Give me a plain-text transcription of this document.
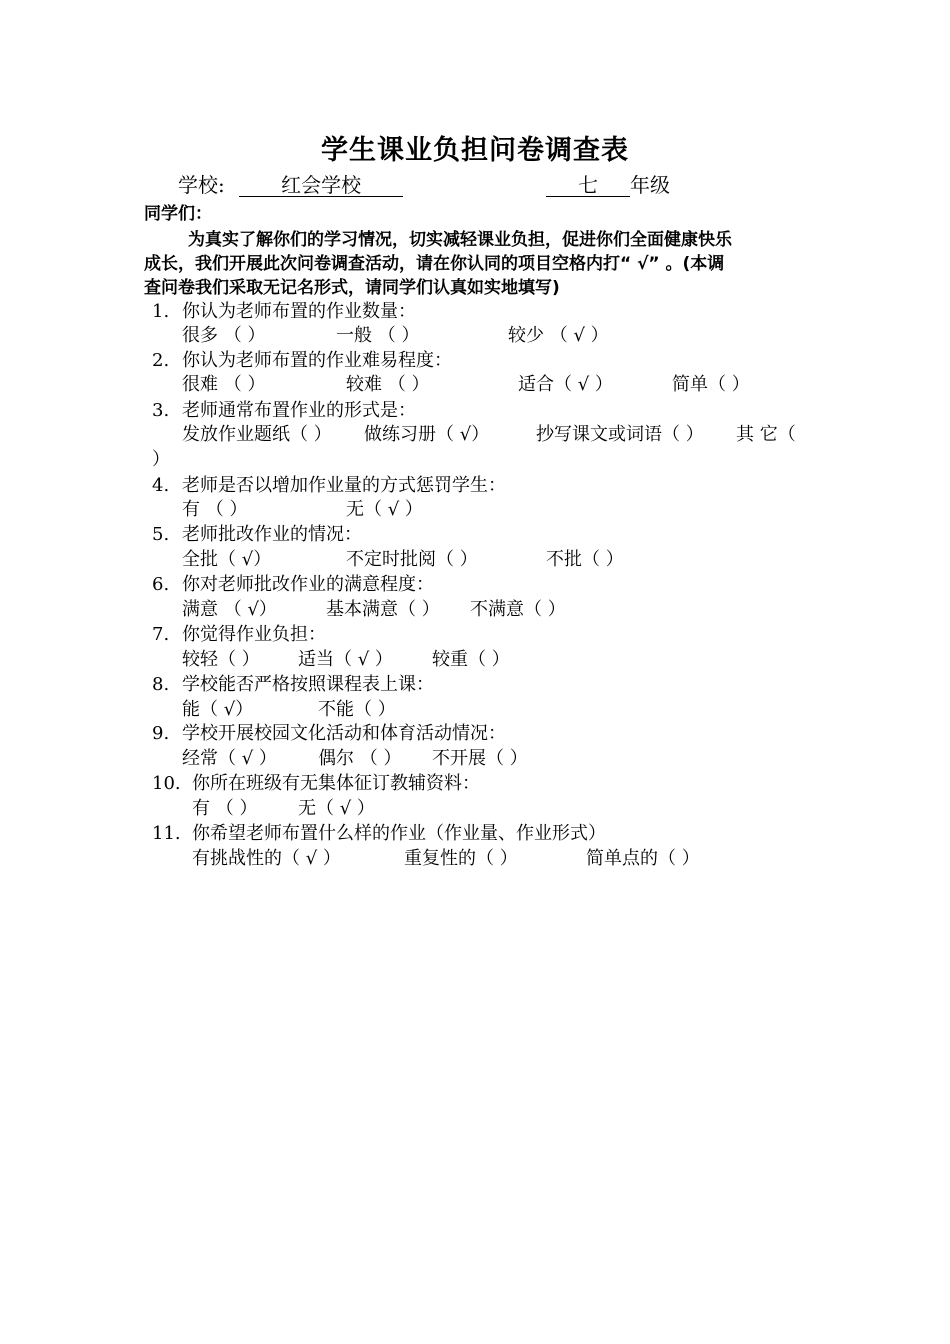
学生课业负担问卷调查表
学校:	红会学校	七 年级
同学们：
为真实了解你们的学习情况，切实减轻课业负担，促进你们全面健康快乐
成长，我们开展此次问卷调查活动，请在你认同的项目空格内打“ √” 。(本调
查问卷我们采取无记名形式，请同学们认真如实地填写)
1. 你认为老师布置的作业数量：
很多 （ ）	一般 （ ）	较少 （ √ ）
2. 你认为老师布置的作业难易程度：
很难 （ ）	较难 （ ）	适合（ √ ）	简单（ ）
3. 老师通常布置作业的形式是：
发放作业题纸（ ） 做练习册（ √）	抄写课文或词语（ ） 其 它（
）
4. 老师是否以增加作业量的方式惩罚学生：
有 （ ）	无（ √ ）
5. 老师批改作业的情况：
全批（ √）	不定时批阅（ ）	不批（ ）
6. 你对老师批改作业的满意程度：
满意 （ √）	基本满意（ ） 不满意（ ）
7. 你觉得作业负担：
较轻（ ） 适当（ √ ） 较重（ ）
8. 学校能否严格按照课程表上课：
能（ √）	不能（ ）
9. 学校开展校园文化活动和体育活动情况：
经常（ √ ） 偶尔 （ ） 不开展（ ）
10. 你所在班级有无集体征订教辅资料：
有 （ ） 无（ √ ）
11. 你希望老师布置什么样的作业（作业量、作业形式）
有挑战性的（ √ ）	重复性的（ ）	简单点的（ ）
